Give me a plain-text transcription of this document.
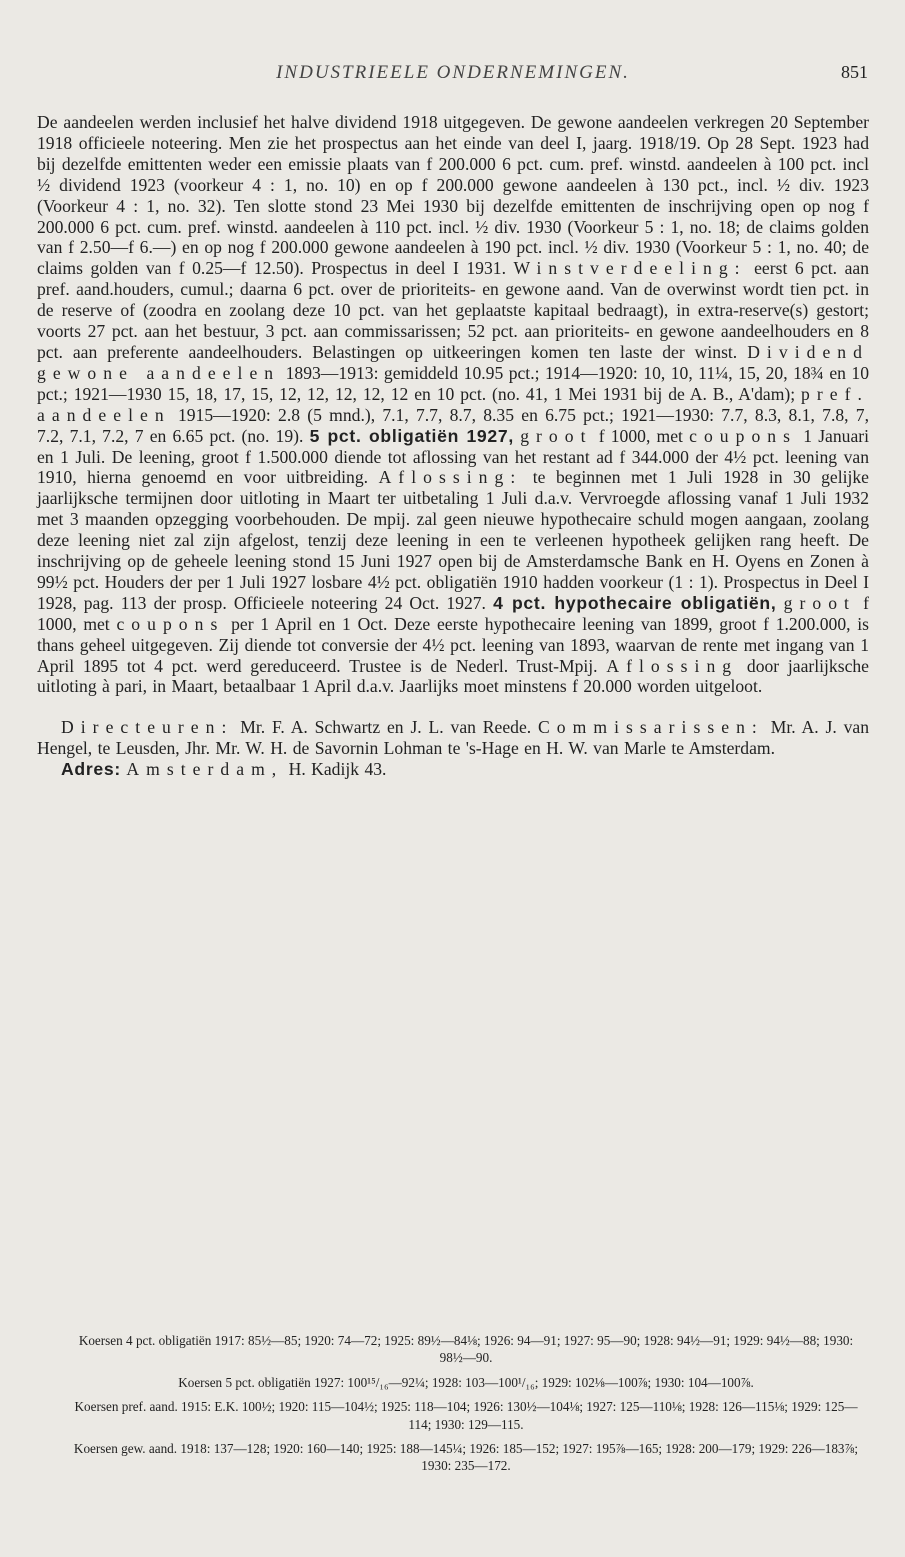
INDUSTRIEELE ONDERNEMINGEN.	851

De aandeelen werden inclusief het halve dividend 1918 uitgegeven. De gewone aandeelen verkregen 20 September 1918 officieele noteering. Men zie het prospectus aan het einde van deel I, jaarg. 1918/19. Op 28 Sept. 1923 had bij dezelfde emittenten weder een emissie plaats van f 200.000 6 pct. cum. pref. winstd. aandeelen à 100 pct. incl ½ dividend 1923 (voorkeur 4 : 1, no. 10) en op f 200.000 gewone aandeelen à 130 pct., incl. ½ div. 1923 (Voorkeur 4 : 1, no. 32). Ten slotte stond 23 Mei 1930 bij dezelfde emittenten de inschrijving open op nog f 200.000 6 pct. cum. pref. winstd. aandeelen à 110 pct. incl. ½ div. 1930 (Voorkeur 5 : 1, no. 18; de claims golden van f 2.50—f 6.—) en op nog f 200.000 gewone aandeelen à 190 pct. incl. ½ div. 1930 (Voorkeur 5 : 1, no. 40; de claims golden van f 0.25—f 12.50). Prospectus in deel I 1931. Winstverdeeling: eerst 6 pct. aan pref. aand.houders, cumul.; daarna 6 pct. over de prioriteits- en gewone aand. Van de overwinst wordt tien pct. in de reserve of (zoodra en zoolang deze 10 pct. van het geplaatste kapitaal bedraagt), in extra-reserve(s) gestort; voorts 27 pct. aan het bestuur, 3 pct. aan commissarissen; 52 pct. aan prioriteits- en gewone aandeelhouders en 8 pct. aan preferente aandeelhouders. Belastingen op uitkeeringen komen ten laste der winst. Dividend gewone aandeelen 1893—1913: gemiddeld 10.95 pct.; 1914—1920: 10, 10, 11¼, 15, 20, 18¾ en 10 pct.; 1921—1930 15, 18, 17, 15, 12, 12, 12, 12, 12 en 10 pct. (no. 41, 1 Mei 1931 bij de A. B., A'dam); pref. aandeelen 1915—1920: 2.8 (5 mnd.), 7.1, 7.7, 8.7, 8.35 en 6.75 pct.; 1921—1930: 7.7, 8.3, 8.1, 7.8, 7, 7.2, 7.1, 7.2, 7 en 6.65 pct. (no. 19). 5 pct. obligatiën 1927, groot f 1000, met coupons 1 Januari en 1 Juli. De leening, groot f 1.500.000 diende tot aflossing van het restant ad f 344.000 der 4½ pct. leening van 1910, hierna genoemd en voor uitbreiding. Aflossing: te beginnen met 1 Juli 1928 in 30 gelijke jaarlijksche termijnen door uitloting in Maart ter uitbetaling 1 Juli d.a.v. Vervroegde aflossing vanaf 1 Juli 1932 met 3 maanden opzegging voorbehouden. De mpij. zal geen nieuwe hypothecaire schuld mogen aangaan, zoolang deze leening niet zal zijn afgelost, tenzij deze leening in een te verleenen hypotheek gelijken rang heeft. De inschrijving op de geheele leening stond 15 Juni 1927 open bij de Amsterdamsche Bank en H. Oyens en Zonen à 99½ pct. Houders der per 1 Juli 1927 losbare 4½ pct. obligatiën 1910 hadden voorkeur (1 : 1). Prospectus in Deel I 1928, pag. 113 der prosp. Officieele noteering 24 Oct. 1927. 4 pct. hypothecaire obligatiën, groot f 1000, met coupons per 1 April en 1 Oct. Deze eerste hypothecaire leening van 1899, groot f 1.200.000, is thans geheel uitgegeven. Zij diende tot conversie der 4½ pct. leening van 1893, waarvan de rente met ingang van 1 April 1895 tot 4 pct. werd gereduceerd. Trustee is de Nederl. Trust-Mpij. Aflossing door jaarlijksche uitloting à pari, in Maart, betaalbaar 1 April d.a.v. Jaarlijks moet minstens f 20.000 worden uitgeloot.

Directeuren: Mr. F. A. Schwartz en J. L. van Reede. Commissarissen: Mr. A. J. van Hengel, te Leusden, Jhr. Mr. W. H. de Savornin Lohman te 's-Hage en H. W. van Marle te Amsterdam.

Adres: Amsterdam, H. Kadijk 43.

Koersen 4 pct. obligatiën 1917: 85½—85; 1920: 74—72; 1925: 89½—84⅛; 1926: 94—91; 1927: 95—90; 1928: 94½—91; 1929: 94½—88; 1930: 98½—90.

Koersen 5 pct. obligatiën 1927: 100¹⁵/₁₆—92¼; 1928: 103—100¹/₁₆; 1929: 102⅛—100⅞; 1930: 104—100⅞.

Koersen pref. aand. 1915: E.K. 100½; 1920: 115—104½; 1925: 118—104; 1926: 130½—104⅛; 1927: 125—110⅛; 1928: 126—115⅛; 1929: 125—114; 1930: 129—115.

Koersen gew. aand. 1918: 137—128; 1920: 160—140; 1925: 188—145¼; 1926: 185—152; 1927: 195⅞—165; 1928: 200—179; 1929: 226—183⅞; 1930: 235—172.
